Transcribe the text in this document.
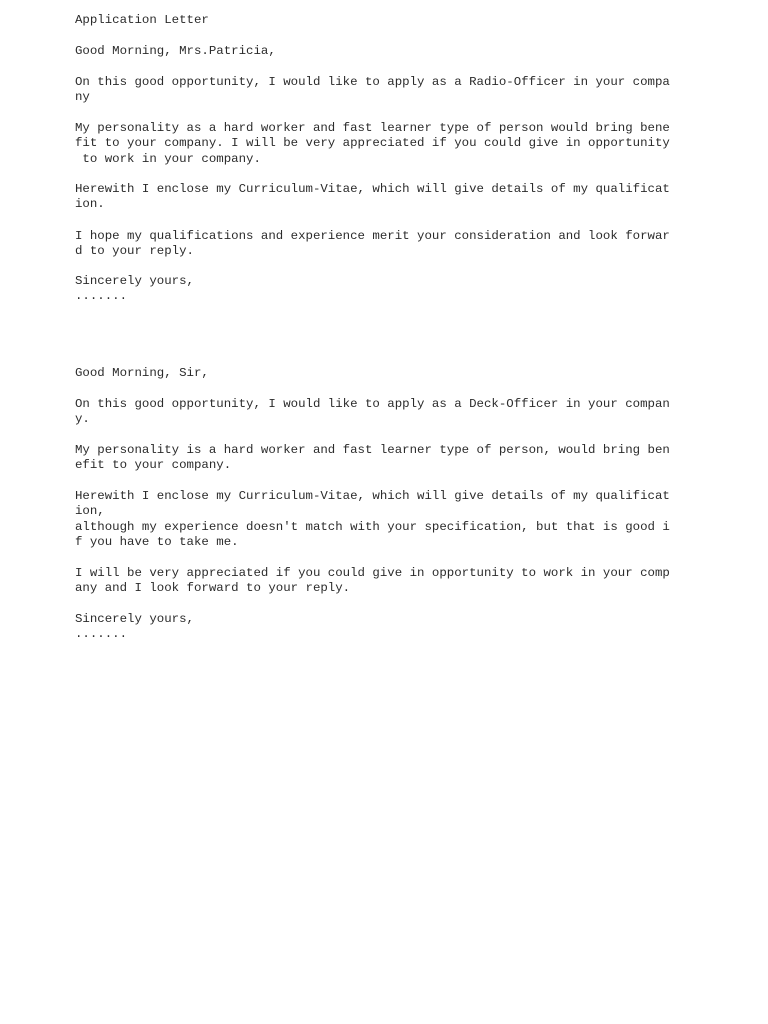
Application Letter
Good Morning, Mrs.Patricia,
On this good opportunity, I would like to apply as a Radio-Officer in your compa
ny
My personality as a hard worker and fast learner type of person would bring bene
fit to your company. I will be very appreciated if you could give in opportunity
to work in your company.
Herewith I enclose my Curriculum-Vitae, which will give details of my qualificat
ion.
I hope my qualifications and experience merit your consideration and look forwar
d to your reply.
Sincerely yours,
.......
Good Morning, Sir,
On this good opportunity, I would like to apply as a Deck-Officer in your compan
y.
My personality is a hard worker and fast learner type of person, would bring ben
efit to your company.
Herewith I enclose my Curriculum-Vitae, which will give details of my qualificat
ion,
although my experience doesn't match with your specification, but that is good i
f you have to take me.
I will be very appreciated if you could give in opportunity to work in your comp
any and I look forward to your reply.
Sincerely yours,
.......
